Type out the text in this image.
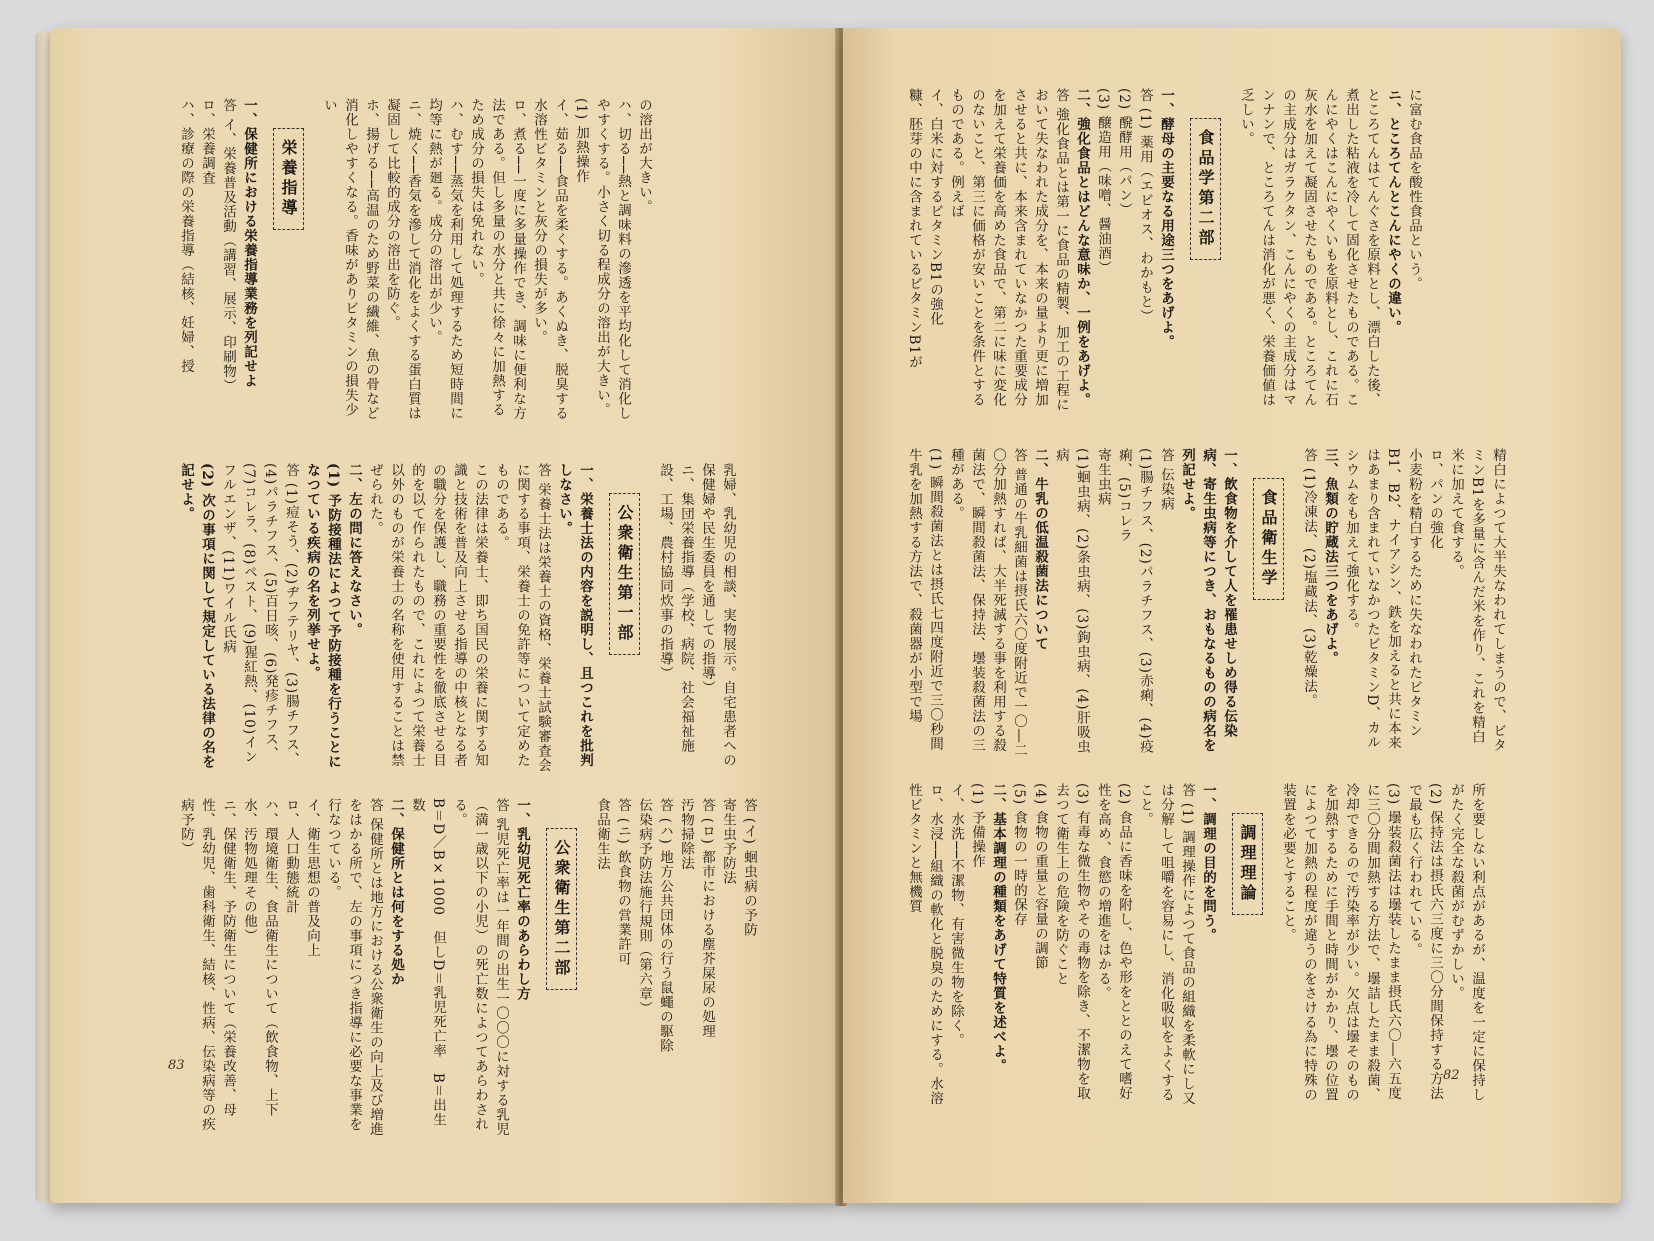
の溶出が大きい。

ハ、切る──熱と調味料の滲透を平均化して消化しやすくする。小さく切る程成分の溶出が大きい。

(1) 加熱操作

イ、茹る──食品を柔くする。あくぬき、脱臭する水溶性ビタミンと灰分の損失が多い。

ロ、煮る──一度に多量操作でき、調味に便利な方法である。但し多量の水分と共に徐々に加熱するため成分の損失は免れない。

ハ、むす──蒸気を利用して処理するため短時間に均等に熱が廻る。成分の溶出が少い。

ニ、焼く──香気を滲して消化をよくする蛋白質は凝固して比較的成分の溶出を防ぐ。

ホ、揚げる──高温のため野菜の繊維、魚の骨など消化しやすくなる。香味がありビタミンの損失少い

栄養指導

一、保健所における栄養指導業務を列記せよ

答 イ、栄養普及活動（講習、展示、印刷物）

ロ、栄養調査

ハ、診療の際の栄養指導（結核、妊婦、授

乳婦、乳幼児の相談、実物展示。自宅患者への保健婦や民生委員を通しての指導）

ニ、集団栄養指導（学校、病院、社会福祉施設、工場、農村協同炊事の指導）

公衆衛生第一部

一、栄養士法の内容を説明し、且つこれを批判しなさい。

答 栄養士法は栄養士の資格、栄養士試験審査会に関する事項、栄養士の免許等について定めたものである。

この法律は栄養士、即ち国民の栄養に関する知識と技術を普及向上させる指導の中核となる者の職分を保護し、職務の重要性を徹底させる目的を以て作られたもので、これによつて栄養士以外のものが栄養士の名称を使用することは禁ぜられた。

二、左の問に答えなさい。

(1) 予防接種法によつて予防接種を行うことになつている疾病の名を列挙せよ。

答 (1)痘そう、(2)ヂフテリヤ、(3)腸チフス、(4)パラチフス、(5)百日咳、(6)発疹チフス、(7)コレラ、(8)ペスト、(9)猩紅熱、(10)インフルエンザ、(11)ワイル氏病

(2) 次の事項に関して規定している法律の名を記せよ。

答 (イ) 蛔虫病の予防

寄生虫予防法

答 (ロ) 都市における塵芥屎尿の処理

汚物掃除法

答 (ハ) 地方公共団体の行う鼠蠅の駆除

伝染病予防法施行規則（第六章）

答 (ニ) 飲食物の営業許可

食品衛生法

公衆衛生第二部

一、乳幼児死亡率のあらわし方

答 乳児死亡率は一年間の出生一〇〇〇に対する乳児（満一歳以下の小児）の死亡数によつてあらわされる。

B＝D／B×1000　但しD＝乳児死亡率　B＝出生数

二、保健所とは何をする処か

答 保健所とは地方における公衆衛生の向上及び増進をはかる所で、左の事項につき指導に必要な事業を行なつている。

イ、衛生思想の普及向上

ロ、人口動態統計

ハ、環境衛生、食品衛生について（飲食物、上下水、汚物処理その他）

ニ、保健衛生、予防衛生について（栄養改善、母性、乳幼児、歯科衛生、結核、性病、伝染病等の疾病予防）

83

に富む食品を酸性食品という。

ニ、ところてんとこんにやくの違い。

ところてんはてんぐさを原料とし、漂白した後、煮出した粘液を冷して固化させたものである。こんにやくはこんにやくいもを原料とし、これに石灰水を加えて凝固させたものである。ところてんの主成分はガラクタン、こんにやくの主成分はマンナンで、ところてんは消化が悪く、栄養価値は乏しい。

食品学第二部

一、酵母の主要なる用途三つをあげよ。

答 (1) 薬用（エビオス、わかもと）

(2) 醗酵用（パン）

(3) 醸造用（味噌、醤油酒）

二、強化食品とはどんな意味か、一例をあげよ。

答 強化食品とは第一に食品の精製、加工の工程において失なわれた成分を、本来の量より更に増加させると共に、本来含まれていなかつた重要成分を加えて栄養価を高めた食品で、第二に味に変化のないこと、第三に価格が安いことを条件とするものである。例えば

イ、白米に対するビタミンB1の強化

糠、胚芽の中に含まれているビタミンB1が

精白によつて大半失なわれてしまうので、ビタミンB1を多量に含んだ米を作り、これを精白米に加えて食する。

ロ、パンの強化

小麦粉を精白するために失なわれたビタミンB1、B2、ナイアシン、鉄を加えると共に本来はあまり含まれていなかつたビタミンD、カルシウムをも加えて強化する。

三、魚類の貯蔵法三つをあげよ。

答 (1)冷凍法、(2)塩蔵法、(3)乾燥法。

食品衛生学

一、飲食物を介して人を罹患せしめ得る伝染病、寄生虫病等につき、おもなるものの病名を列記せよ。

答 伝染病

(1)腸チフス、(2)パラチフス、(3)赤痢、(4)疫痢、(5)コレラ

寄生虫病

(1)蛔虫病、(2)条虫病、(3)鉤虫病、(4)肝吸虫病

二、牛乳の低温殺菌法について

答 普通の牛乳細菌は摂氏六〇度附近で一〇―二〇分加熱すれば、大半死滅する事を利用する殺菌法で、瞬間殺菌法、保持法、壜装殺菌法の三種がある。

(1) 瞬間殺菌法とは摂氏七四度附近で三〇秒間牛乳を加熱する方法で、殺菌器が小型で場

所を要しない利点があるが、温度を一定に保持しがたく完全な殺菌がむずかしい。

(2) 保持法は摂氏六三度に三〇分間保持する方法で最も広く行われている。

(3) 壜装殺菌法は壜装したまま摂氏六〇―六五度に三〇分間加熱する方法で、壜詰したまま殺菌、冷却できるので汚染率が少い。欠点は壜そのものを加熱するために手間と時間がかかり、壜の位置によつて加熱の程度が違うのをさける為に特殊の装置を必要とすること。

調理理論

一、調理の目的を問う。

答 (1) 調理操作によつて食品の組織を柔軟にし又は分解して咀嚼を容易にし、消化吸収をよくすること。

(2) 食品に香味を附し、色や形をととのえて嗜好性を高め、食慾の増進をはかる。

(3) 有毒な微生物やその毒物を除き、不潔物を取去つて衛生上の危険を防ぐこと

(4) 食物の重量と容量の調節

(5) 食物の一時的保存

二、基本調理の種類をあげて特質を述べよ。

(1) 予備操作

イ、水洗──不潔物、有害微生物を除く。

ロ、水浸──組織の軟化と脱臭のためにする。水溶性ビタミンと無機質

82
